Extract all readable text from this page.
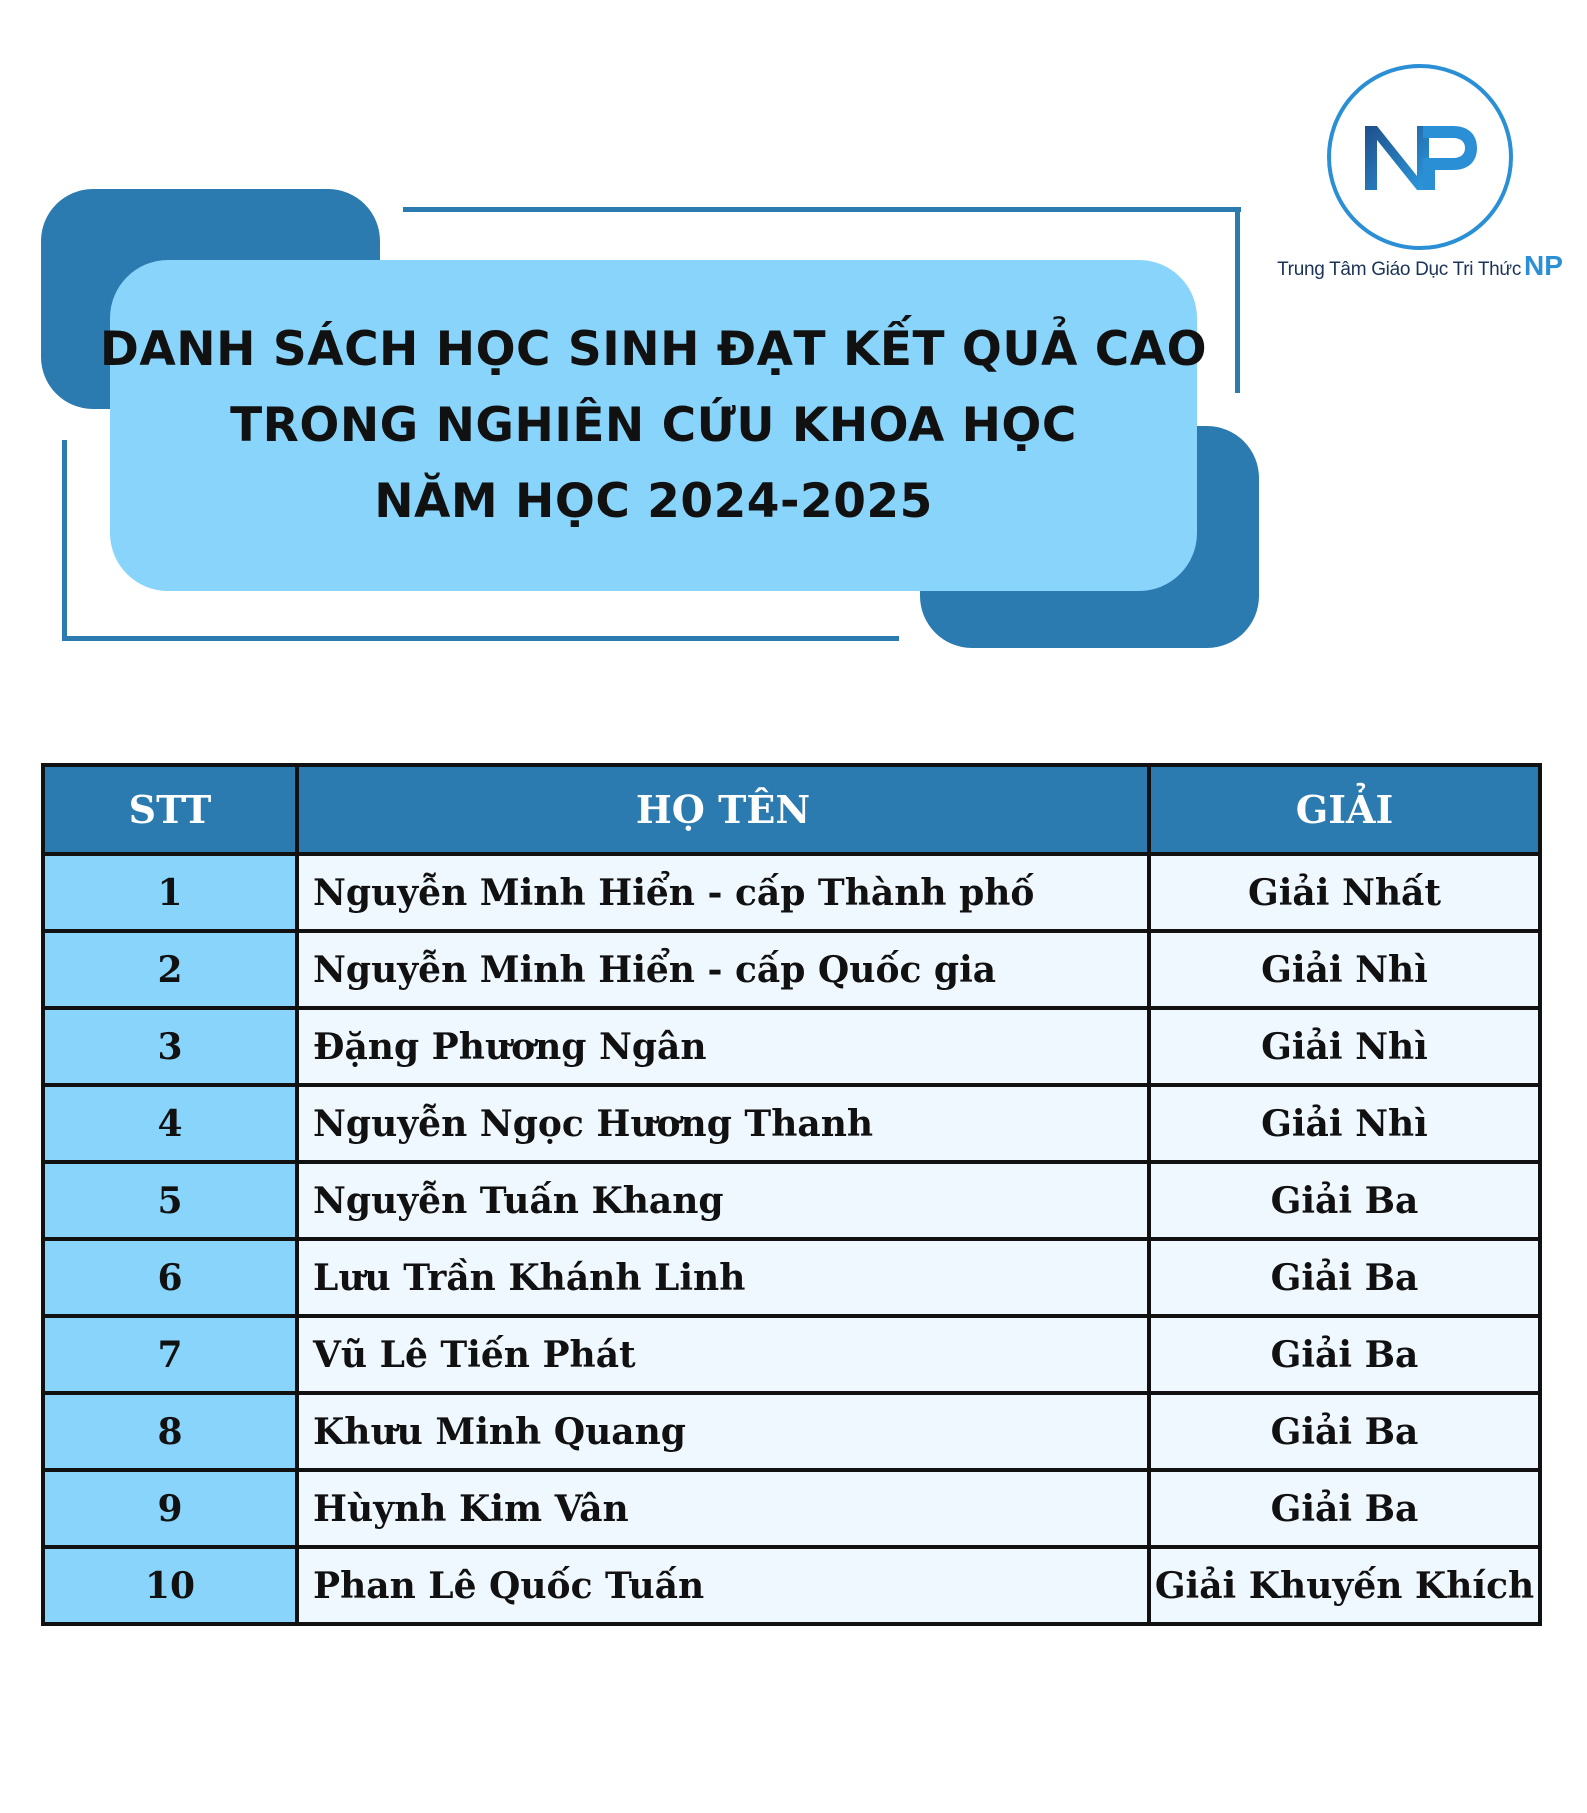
DANH SÁCH HỌC SINH ĐẠT KẾT QUẢ CAO
TRONG NGHIÊN CỨU KHOA HỌC
NĂM HỌC 2024-2025
Trung Tâm Giáo Dục Tri Thức NP
STT	HỌ TÊN	GIẢI
1	Nguyễn Minh Hiển - cấp Thành phố	Giải Nhất
2	Nguyễn Minh Hiển - cấp Quốc gia	Giải Nhì
3	Đặng Phương Ngân	Giải Nhì
4	Nguyễn Ngọc Hương Thanh	Giải Nhì
5	Nguyễn Tuấn Khang	Giải Ba
6	Lưu Trần Khánh Linh	Giải Ba
7	Vũ Lê Tiến Phát	Giải Ba
8	Khưu Minh Quang	Giải Ba
9	Hùynh Kim Vân	Giải Ba
10	Phan Lê Quốc Tuấn	Giải Khuyến Khích
